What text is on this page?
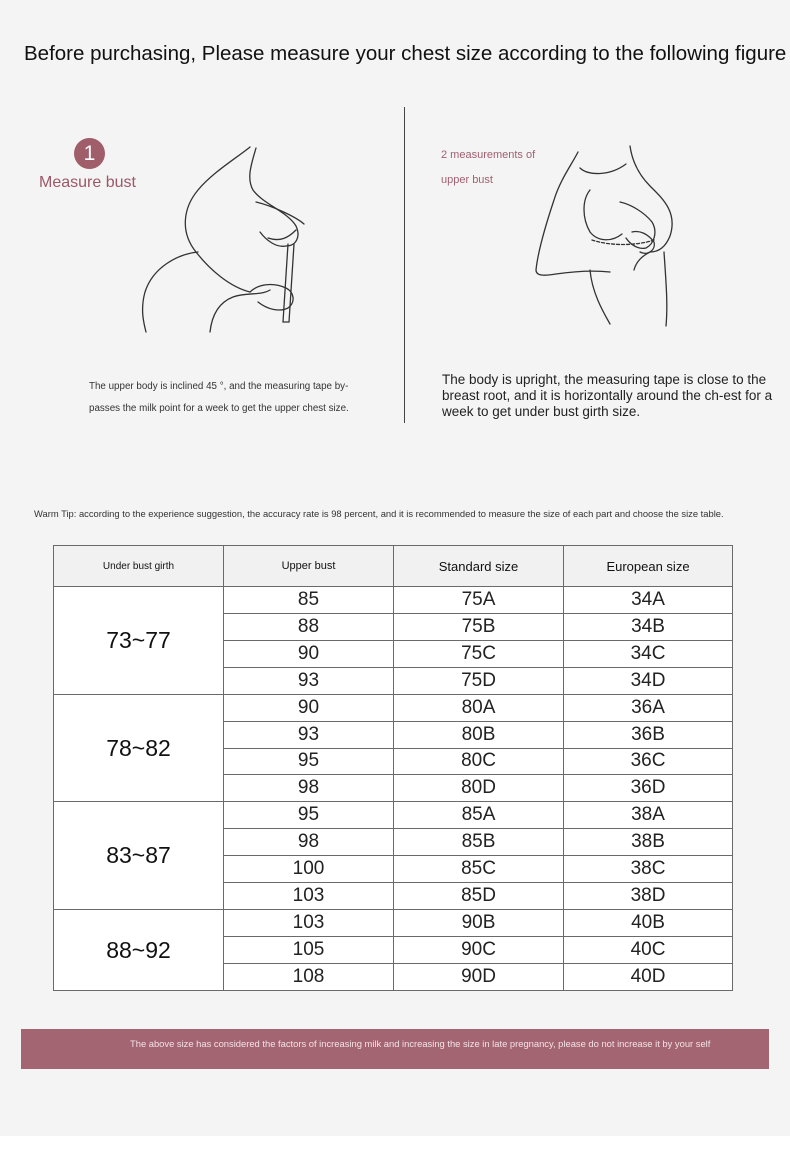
Before purchasing, Please measure your chest size according to the following figure
1
Measure bust
The upper body is inclined 45 °, and the measuring tape by-
passes the milk point for a week to get the upper chest size.
2 measurements of
upper bust
The body is upright, the measuring tape is close to the breast root, and it is horizontally around the ch-est for a week to get under bust girth size.
Warm Tip: according to the experience suggestion, the accuracy rate is 98 percent, and it is recommended to measure the size of each part and choose the size table.
Under bust girth	Upper bust	Standard size	European size
73~77	85	75A	34A
	88	75B	34B
	90	75C	34C
	93	75D	34D
78~82	90	80A	36A
	93	80B	36B
	95	80C	36C
	98	80D	36D
83~87	95	85A	38A
	98	85B	38B
	100	85C	38C
	103	85D	38D
88~92	103	90B	40B
	105	90C	40C
	108	90D	40D
The above size has considered the factors of increasing milk and increasing the size in late pregnancy, please do not increase it by your self
